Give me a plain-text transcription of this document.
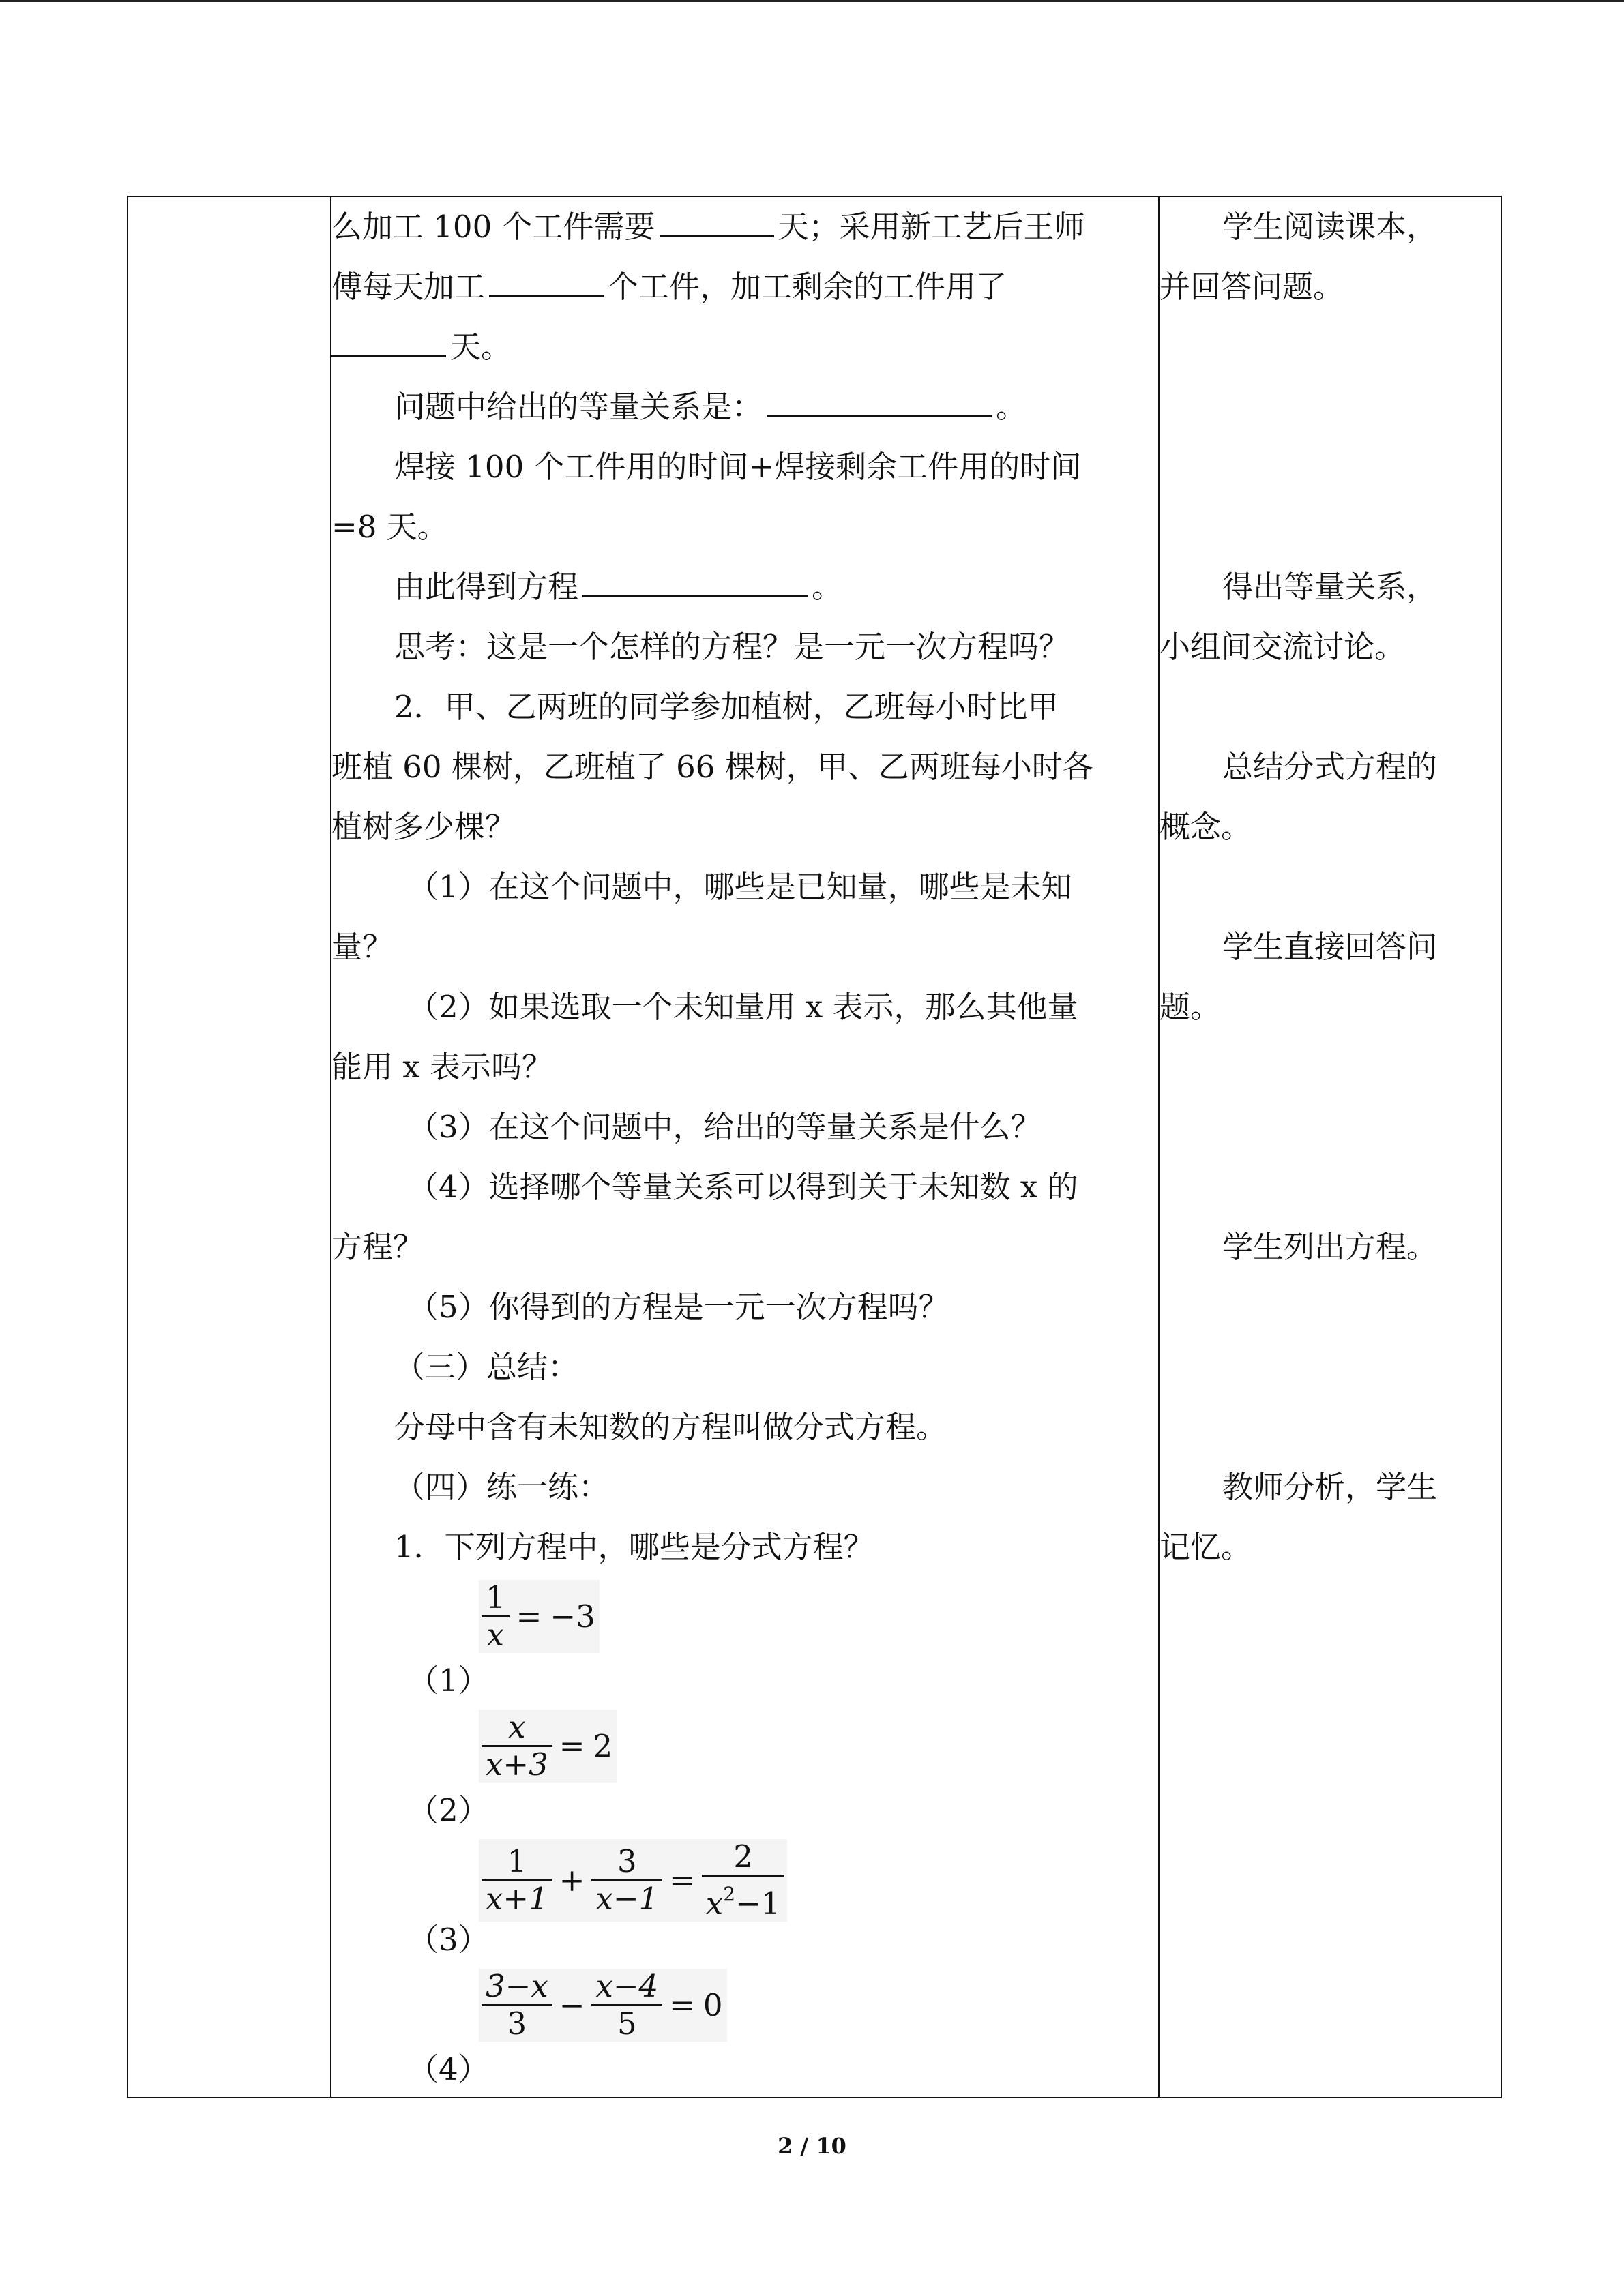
么加工 100 个工件需要	天；采用新工艺后王师

傅每天加工	个工件，加工剩余的工件用了

天。

问题中给出的等量关系是：	。

焊接 100 个工件用的时间+焊接剩余工件用的时间

=8 天。

由此得到方程	。

思考：这是一个怎样的方程？是一元一次方程吗？

2．甲、乙两班的同学参加植树，乙班每小时比甲

班植 60 棵树，乙班植了 66 棵树，甲、乙两班每小时各

植树多少棵？

（1）在这个问题中，哪些是已知量，哪些是未知

量？

（2）如果选取一个未知量用 x 表示，那么其他量

能用 x 表示吗？

（3）在这个问题中，给出的等量关系是什么？

（4）选择哪个等量关系可以得到关于未知数 x 的

方程？

（5）你得到的方程是一元一次方程吗？

（三）总结：

分母中含有未知数的方程叫做分式方程。

（四）练一练：

1．下列方程中，哪些是分式方程？

（1）
$\frac{1}{x} = -3$
（2）
$\frac{x}{x+3} = 2$
（3）
$\frac{1}{x+1} + \frac{3}{x-1} = \frac{2}{x^2-1}$
（4）
$\frac{3-x}{3} - \frac{x-4}{5} = 0$

学生阅读课本，

并回答问题。

得出等量关系，

小组间交流讨论。

总结分式方程的

概念。

学生直接回答问

题。

学生列出方程。

教师分析，学生

记忆。

2 / 10
